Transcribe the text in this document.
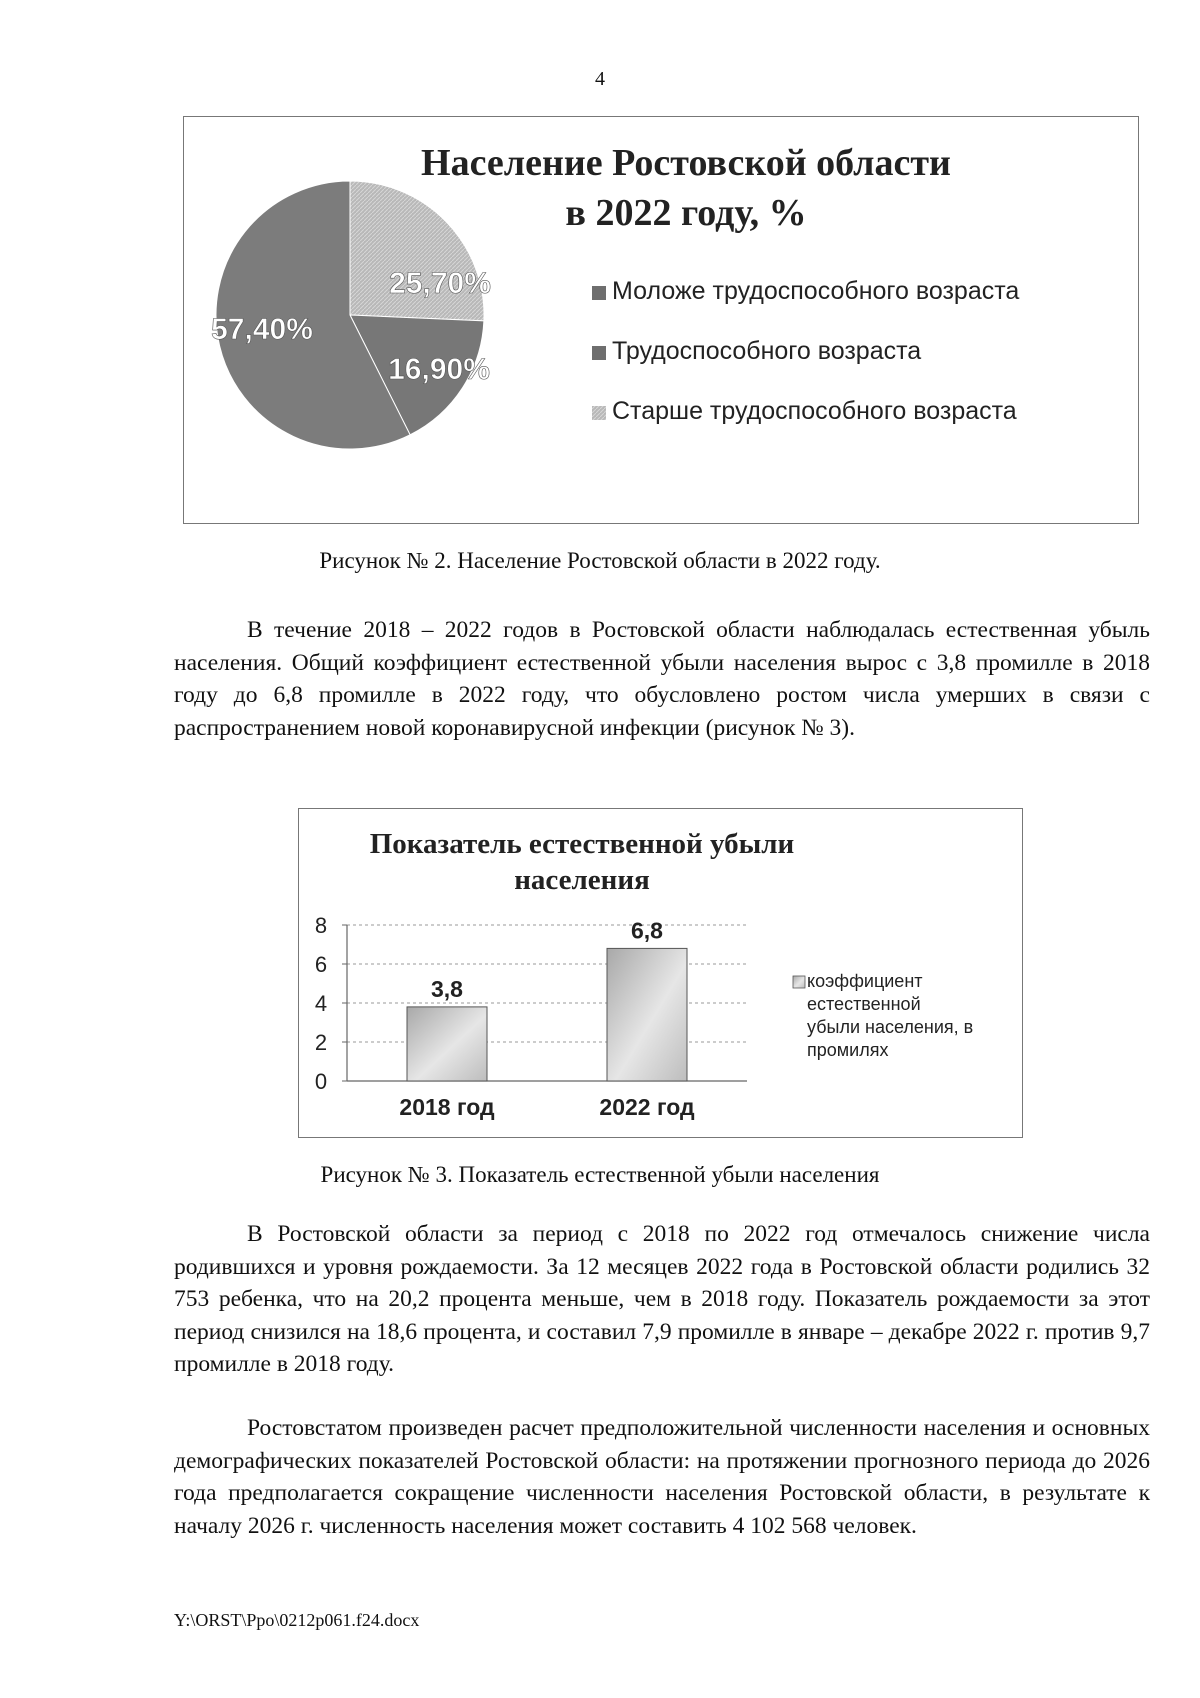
4
Население Ростовской области
в 2022 году, %
16,90%
57,40%
25,70%	Моложе трудоспособного возраста
Трудоспособного возраста
Старше трудоспособного возраста
Рисунок № 2. Население Ростовской области в 2022 году.

В течение 2018 – 2022 годов в Ростовской области наблюдалась естественная убыль населения. Общий коэффициент естественной убыли населения вырос с 3,8 промилле в 2018 году до 6,8 промилле в 2022 году, что обусловлено ростом числа умерших в связи с распространением новой коронавирусной инфекции (рисунок № 3).

Показатель естественной убыли
населения
0
2
4
6
8
3,8
2018 год
6,8
2022 год
коэффициент
естественной
убыли населения, в
промилях
Рисунок № 3. Показатель естественной убыли населения

В Ростовской области за период с 2018 по 2022 год отмечалось снижение числа родившихся и уровня рождаемости. За 12 месяцев 2022 года в Ростовской области родились 32 753 ребенка, что на 20,2 процента меньше, чем в 2018 году. Показатель рождаемости за этот период снизился на 18,6 процента, и составил 7,9 промилле в январе – декабре 2022 г. против 9,7 промилле в 2018 году.

Ростовстатом произведен расчет предположительной численности населения и основных демографических показателей Ростовской области: на протяжении прогнозного периода до 2026 года предполагается сокращение численности населения Ростовской области, в результате к началу 2026 г. численность населения может составить 4 102 568 человек.

Y:\ORST\Ppo\0212p061.f24.docx
